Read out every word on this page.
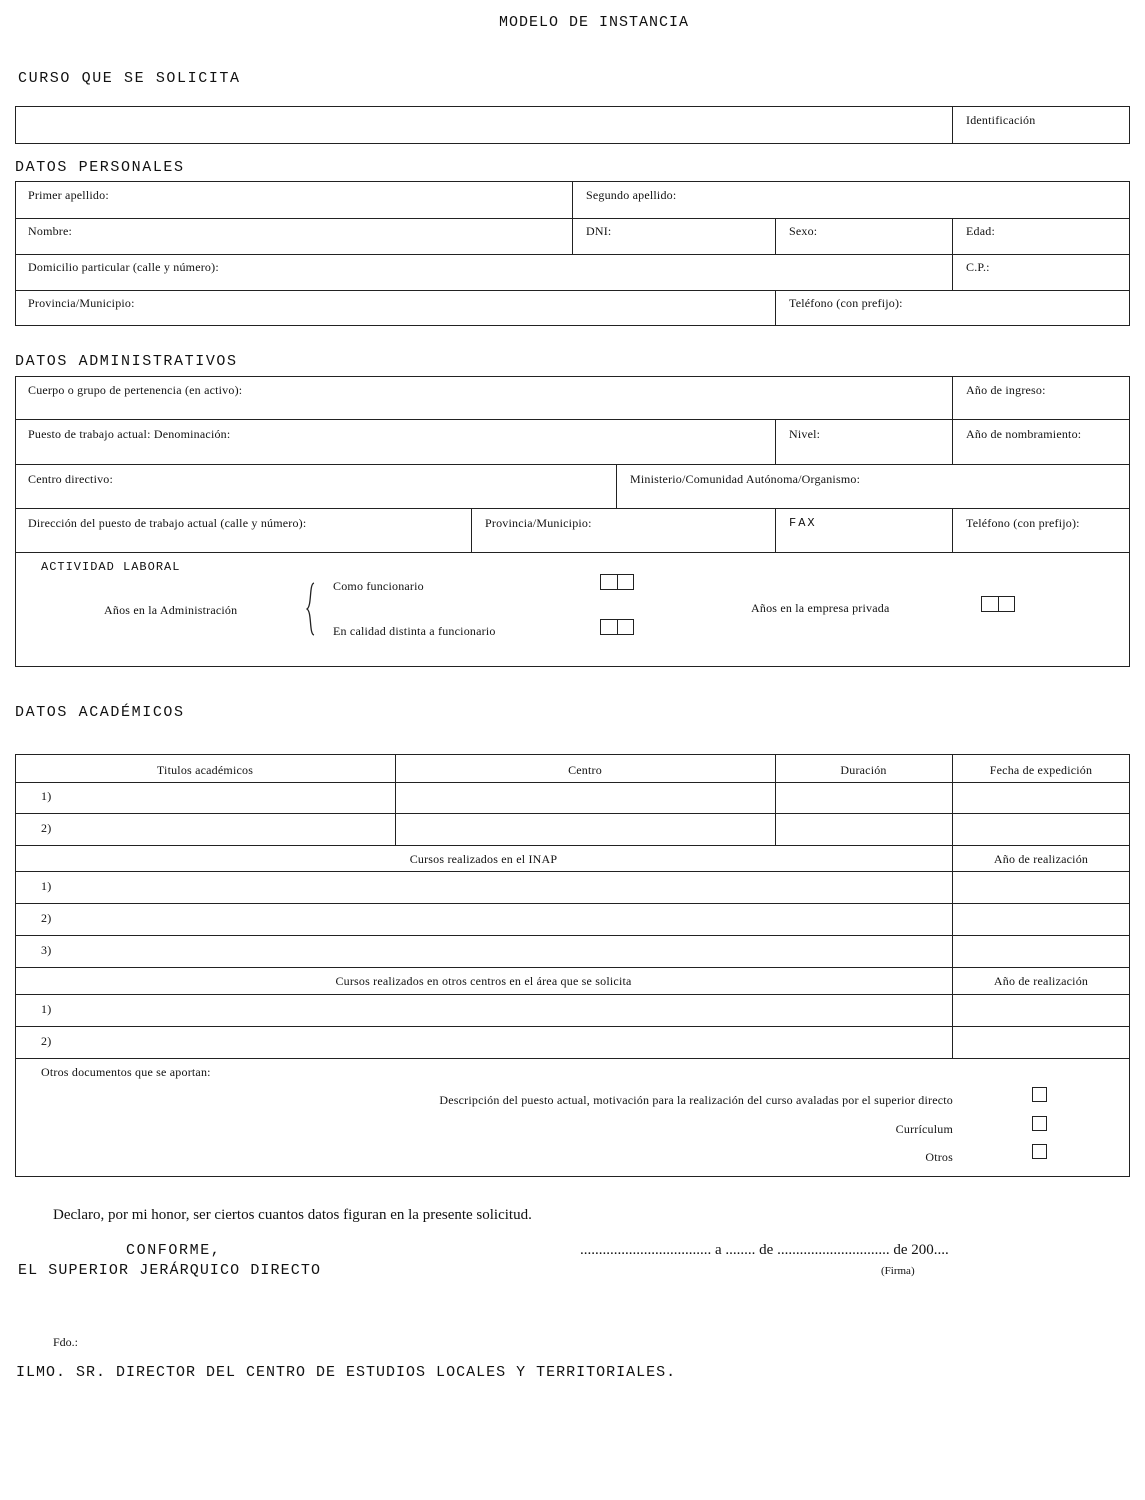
MODELO DE INSTANCIA
CURSO QUE SE SOLICITA
Identificación
DATOS PERSONALES
Primer apellido:	Segundo apellido:
Nombre:	DNI:	Sexo:	Edad:
Domicilio particular (calle y número):	C.P.:
Provincia/Municipio:	Teléfono (con prefijo):
DATOS ADMINISTRATIVOS
Cuerpo o grupo de pertenencia (en activo):	Año de ingreso:
Puesto de trabajo actual: Denominación:	Nivel:	Año de nombramiento:
Centro directivo:	Ministerio/Comunidad Autónoma/Organismo:
Dirección del puesto de trabajo actual (calle y número):	Provincia/Municipio:	FAX	Teléfono (con prefijo):
ACTIVIDAD LABORAL
Años en la Administración
Como funcionario
En calidad distinta a funcionario
Años en la empresa privada
DATOS ACADÉMICOS
Titulos académicos	Centro	Duración	Fecha de expedición
1)
2)
Cursos realizados en el INAP	Año de realización
1)
2)
3)
Cursos realizados en otros centros en el área que se solicita	Año de realización
1)
2)
Otros documentos que se aportan:
Descripción del puesto actual, motivación para la realización del curso avaladas por el superior directo
Currículum
Otros
Declaro, por mi honor, ser ciertos cuantos datos figuran en la presente solicitud.
CONFORME,
EL SUPERIOR JERÁRQUICO DIRECTO
................................... a ........ de .............................. de 200....
(Firma)
Fdo.:
ILMO. SR. DIRECTOR DEL CENTRO DE ESTUDIOS LOCALES Y TERRITORIALES.
